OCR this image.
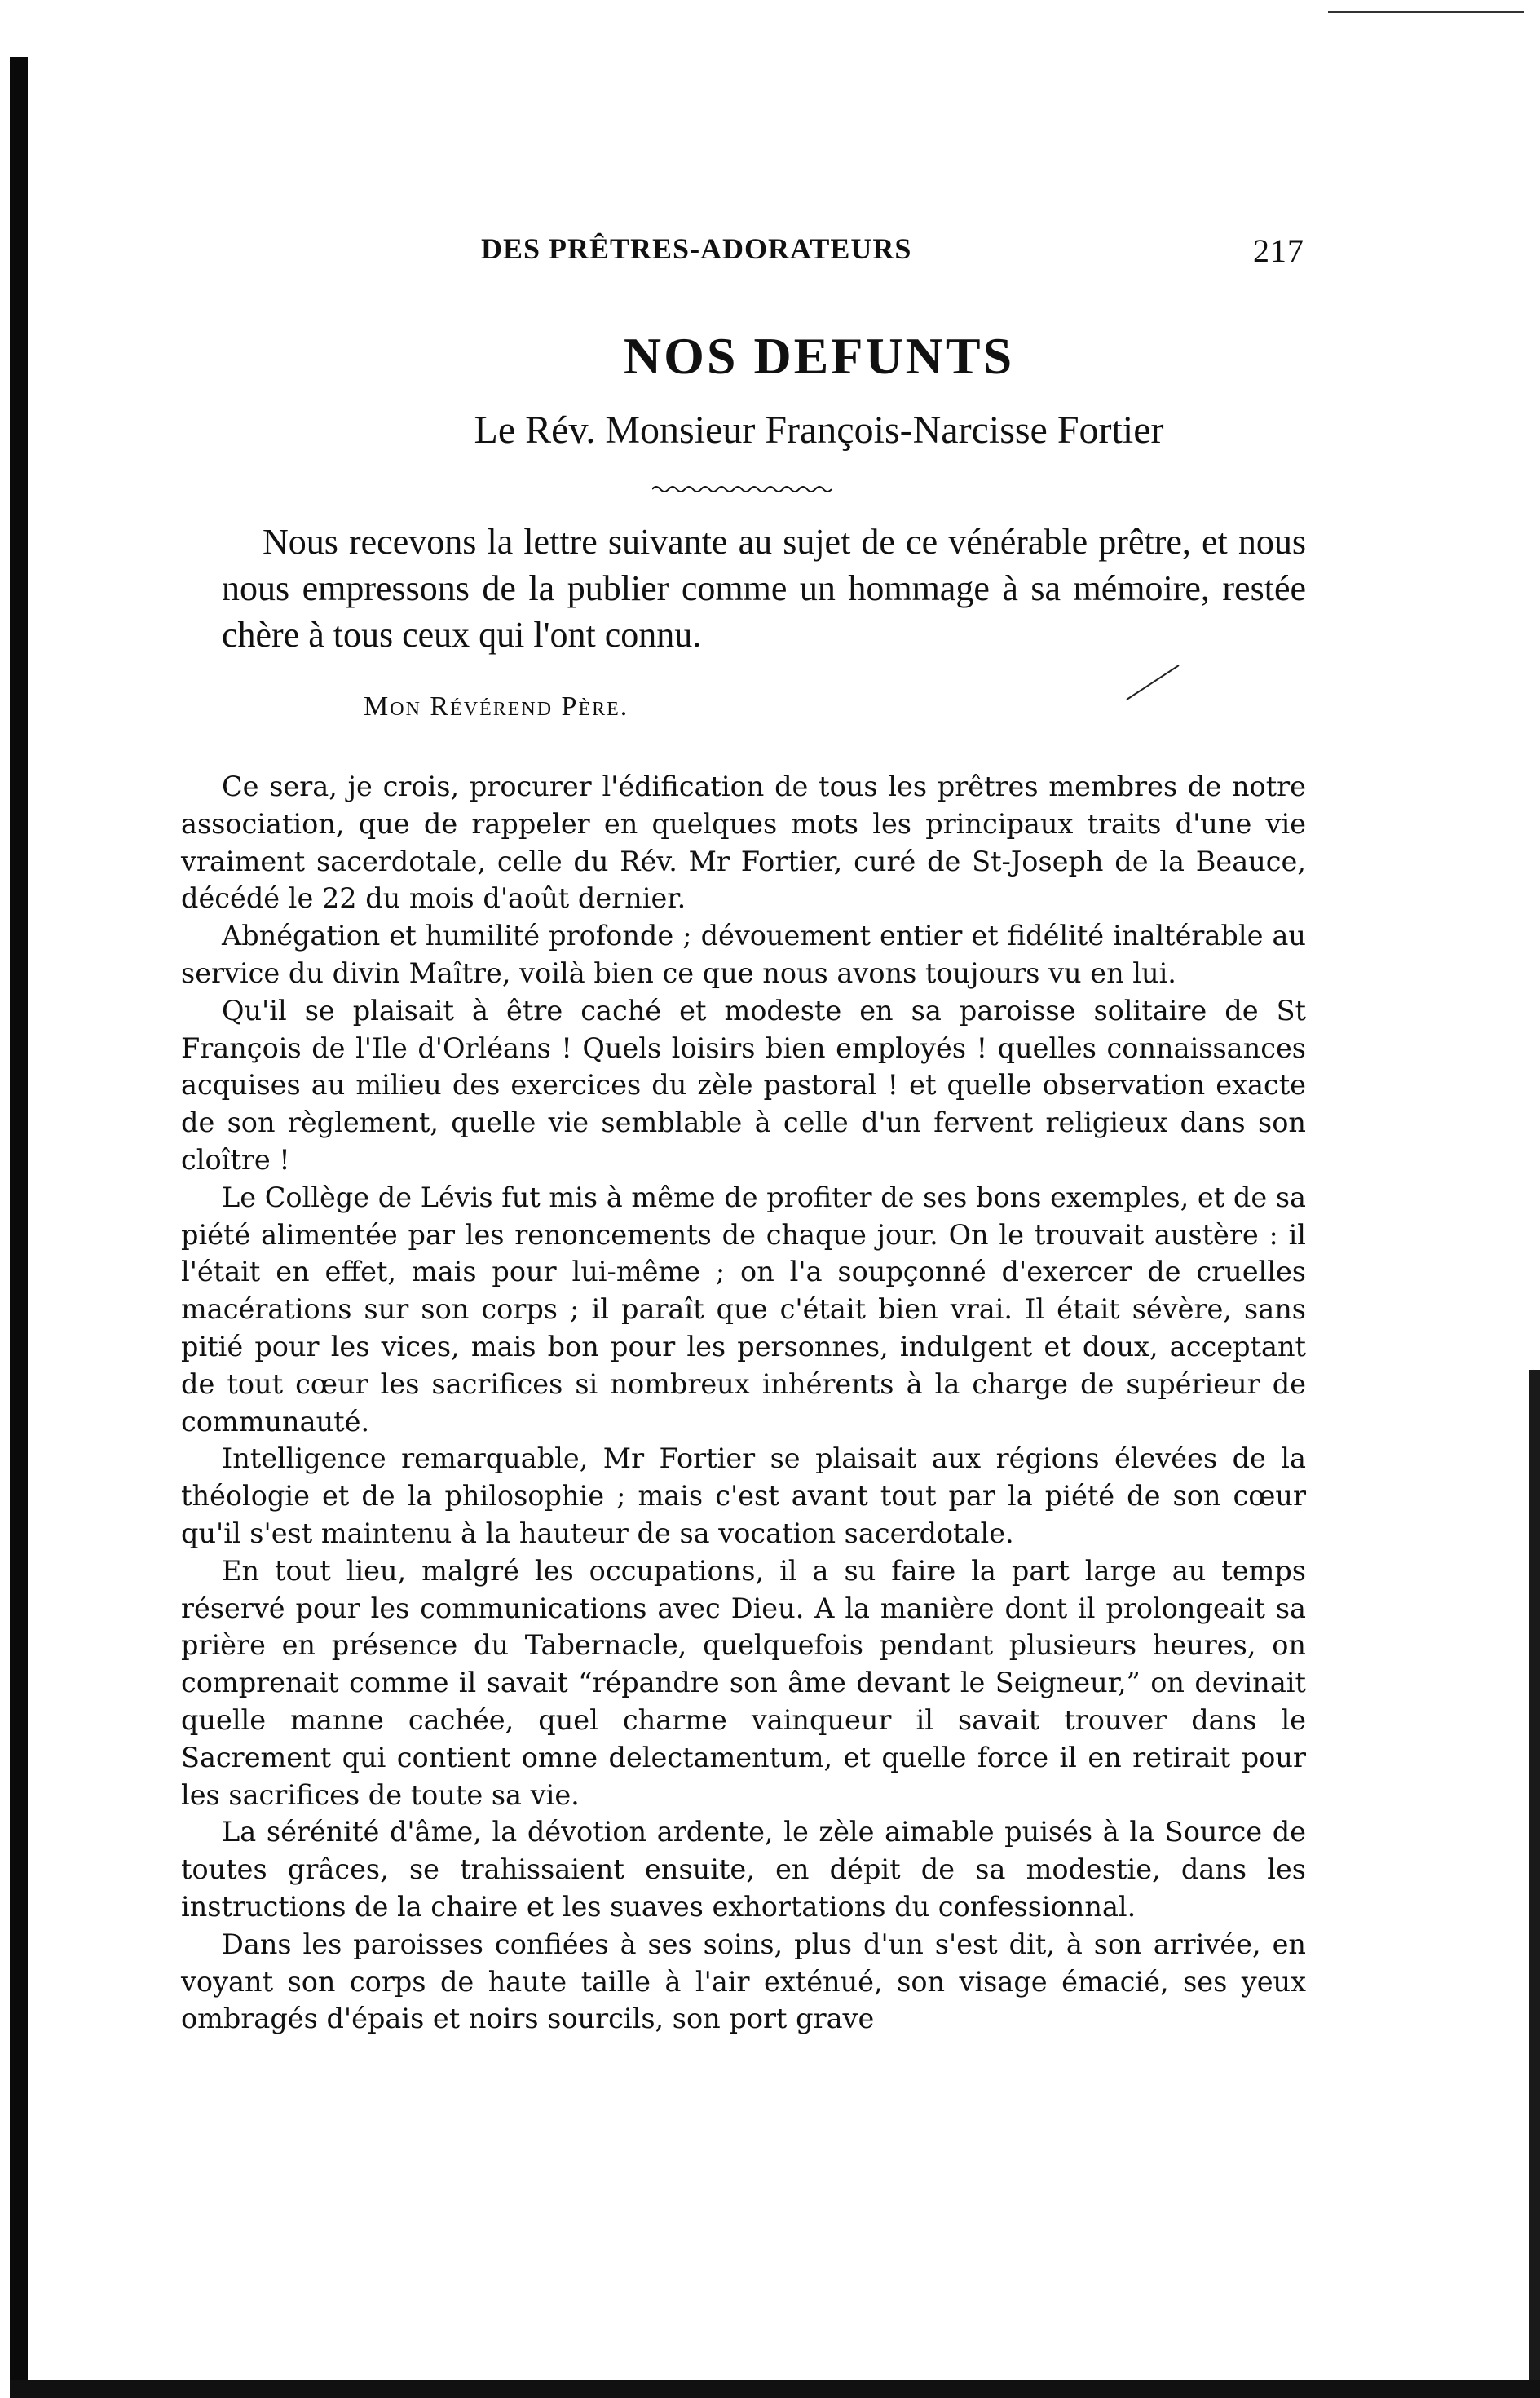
DES PRÊTRES-ADORATEURS	217
NOS DEFUNTS
Le Rév. Monsieur François-Narcisse Fortier
Nous recevons la lettre suivante au sujet de ce vénérable prêtre, et nous nous empressons de la publier comme un hommage à sa mémoire, restée chère à tous ceux qui l'ont connu.
Mon Révérend Père.

Ce sera, je crois, procurer l'édification de tous les prêtres membres de notre association, que de rappeler en quelques mots les principaux traits d'une vie vraiment sacerdotale, celle du Rév. Mr Fortier, curé de St-Joseph de la Beauce, décédé le 22 du mois d'août dernier.

Abnégation et humilité profonde ; dévouement entier et fidélité inaltérable au service du divin Maître, voilà bien ce que nous avons toujours vu en lui.

Qu'il se plaisait à être caché et modeste en sa paroisse solitaire de St François de l'Ile d'Orléans ! Quels loisirs bien employés ! quelles connaissances acquises au milieu des exercices du zèle pastoral ! et quelle observation exacte de son règlement, quelle vie semblable à celle d'un fervent religieux dans son cloître !

Le Collège de Lévis fut mis à même de profiter de ses bons exemples, et de sa piété alimentée par les renoncements de chaque jour. On le trouvait austère : il l'était en effet, mais pour lui-même ; on l'a soupçonné d'exercer de cruelles macérations sur son corps ; il paraît que c'était bien vrai. Il était sévère, sans pitié pour les vices, mais bon pour les personnes, indulgent et doux, acceptant de tout cœur les sacrifices si nombreux inhérents à la charge de supérieur de communauté.

Intelligence remarquable, Mr Fortier se plaisait aux régions élevées de la théologie et de la philosophie ; mais c'est avant tout par la piété de son cœur qu'il s'est maintenu à la hauteur de sa vocation sacerdotale.

En tout lieu, malgré les occupations, il a su faire la part large au temps réservé pour les communications avec Dieu. A la manière dont il prolongeait sa prière en présence du Tabernacle, quelquefois pendant plusieurs heures, on comprenait comme il savait “répandre son âme devant le Seigneur,” on devinait quelle manne cachée, quel charme vainqueur il savait trouver dans le Sacrement qui contient omne delectamentum, et quelle force il en retirait pour les sacrifices de toute sa vie.

La sérénité d'âme, la dévotion ardente, le zèle aimable puisés à la Source de toutes grâces, se trahissaient ensuite, en dépit de sa modestie, dans les instructions de la chaire et les suaves exhortations du confessionnal.

Dans les paroisses confiées à ses soins, plus d'un s'est dit, à son arrivée, en voyant son corps de haute taille à l'air exténué, son visage émacié, ses yeux ombragés d'épais et noirs sourcils, son port grave
